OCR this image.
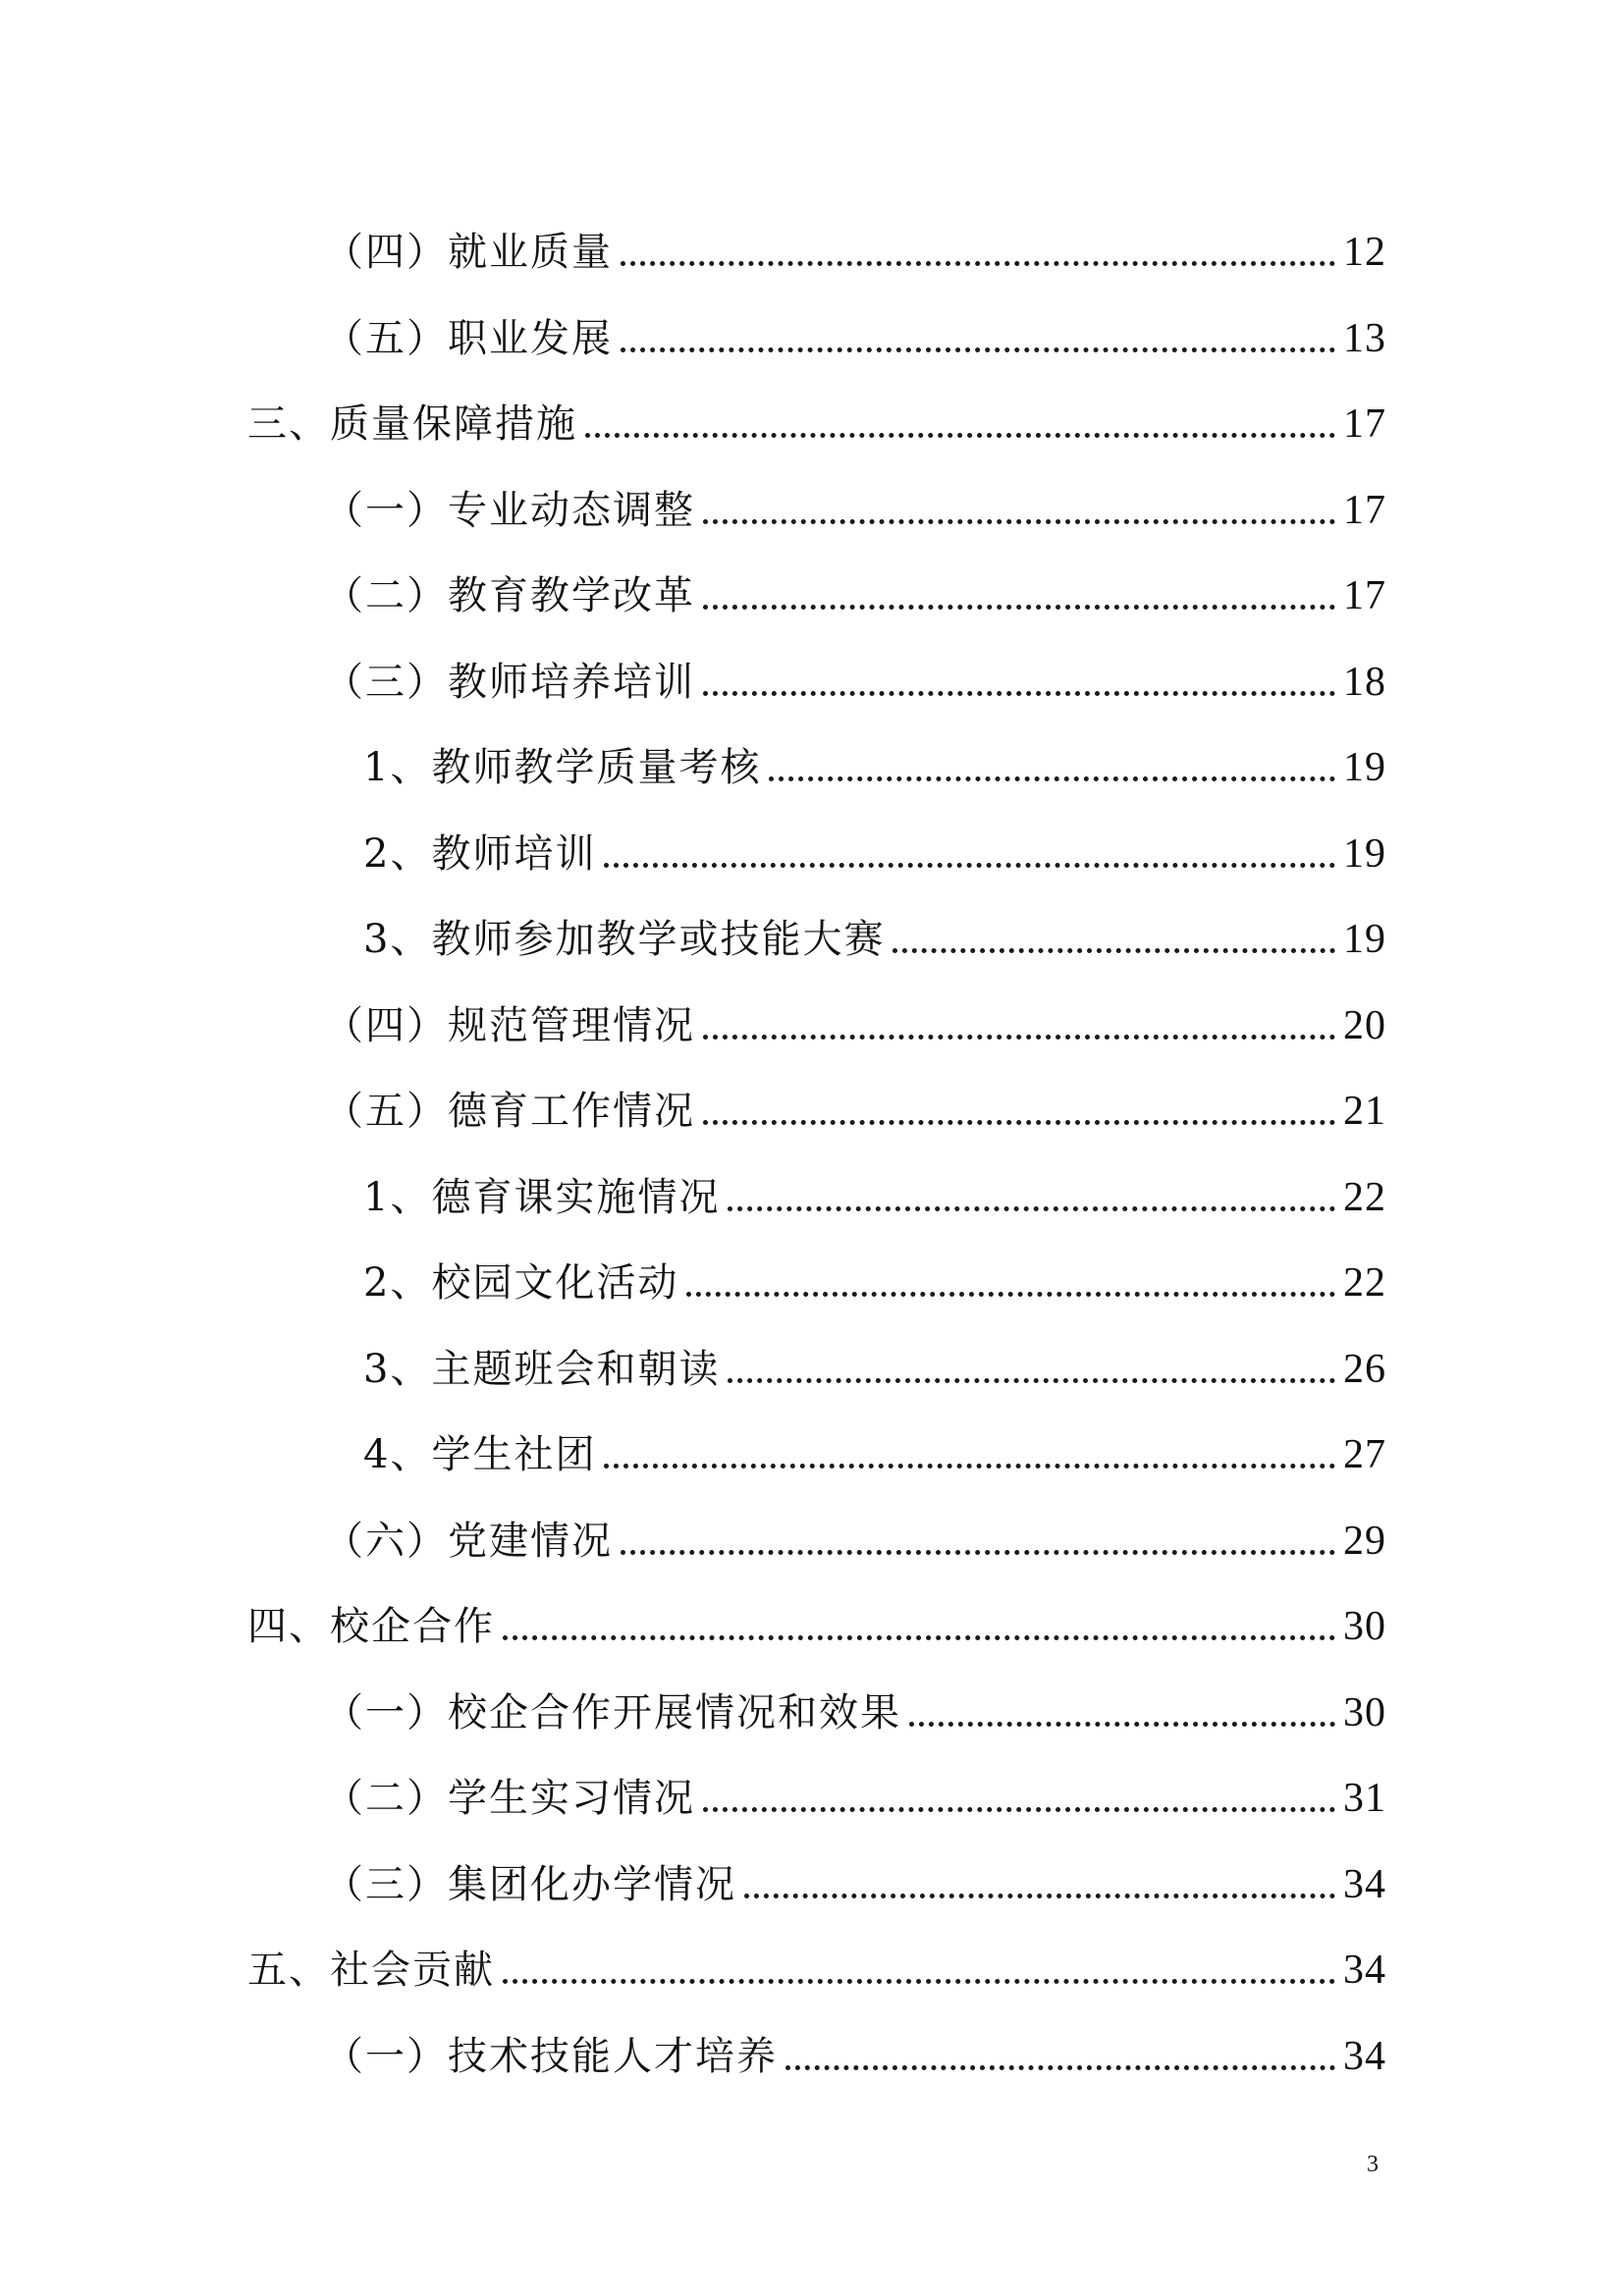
（四）就业质量	12
（五）职业发展	13
三、质量保障措施	17
（一）专业动态调整	17
（二）教育教学改革	17
（三）教师培养培训	18
1、教师教学质量考核	19
2、教师培训	19
3、教师参加教学或技能大赛	19
（四）规范管理情况	20
（五）德育工作情况	21
1、德育课实施情况	22
2、校园文化活动	22
3、主题班会和朝读	26
4、学生社团	27
（六）党建情况	29
四、校企合作	30
（一）校企合作开展情况和效果	30
（二）学生实习情况	31
（三）集团化办学情况	34
五、社会贡献	34
（一）技术技能人才培养	34
3
